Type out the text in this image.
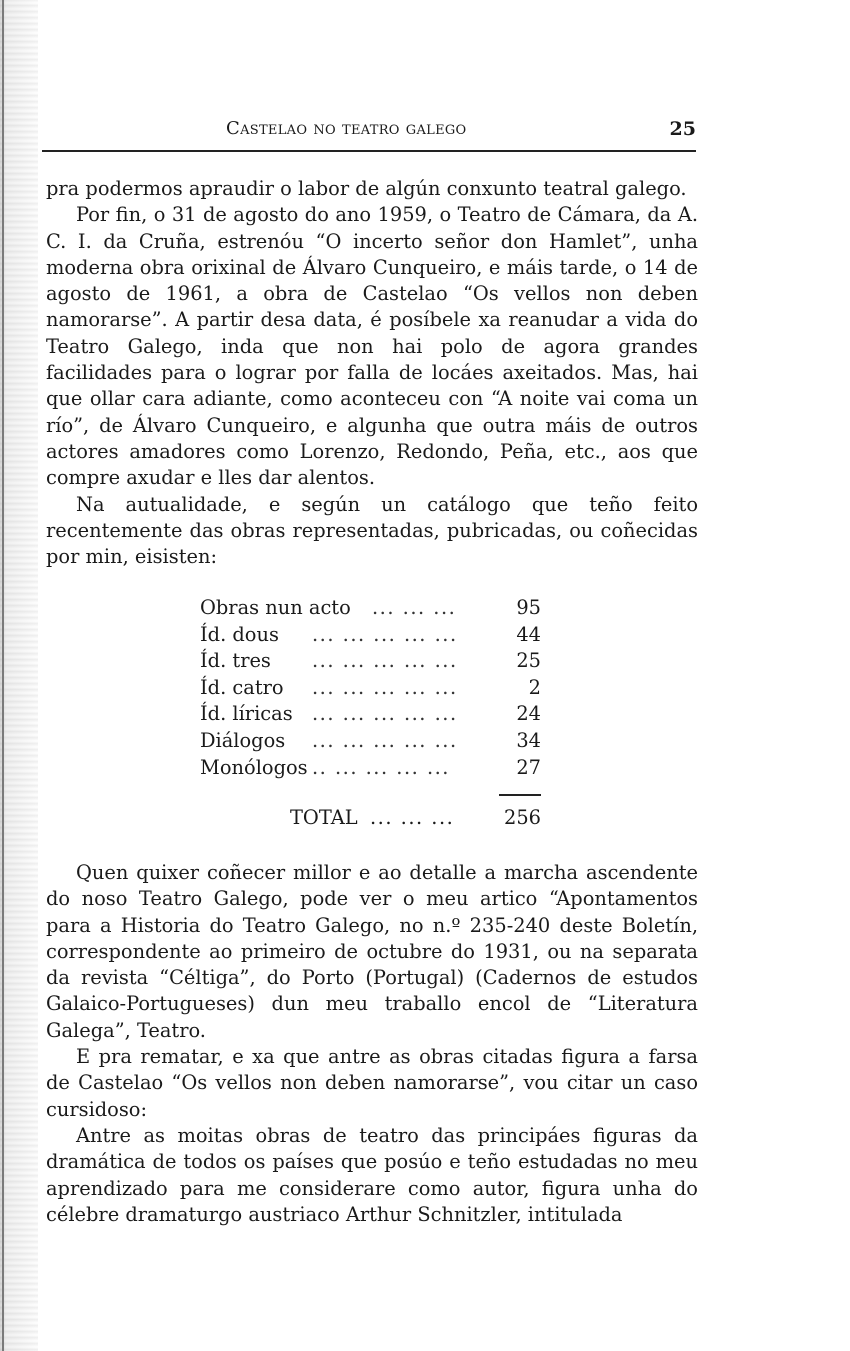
Castelao no teatro galego	25

pra podermos apraudir o labor de algún conxunto teatral galego.

Por fin, o 31 de agosto do ano 1959, o Teatro de Cámara, da A. C. I. da Cruña, estrenóu “O incerto señor don Hamlet”, unha moderna obra orixinal de Álvaro Cunqueiro, e máis tarde, o 14 de agosto de 1961, a obra de Castelao “Os vellos non deben namorarse”. A partir desa data, é posíbele xa reanudar a vida do Teatro Galego, inda que non hai polo de agora grandes facilidades para o lograr por falla de locáes axeitados. Mas, hai que ollar cara adiante, como aconteceu con “A noite vai coma un río”, de Álvaro Cunqueiro, e algunha que outra máis de outros actores amadores como Lorenzo, Redondo, Peña, etc., aos que compre axudar e lles dar alentos.

Na autualidade, e según un catálogo que teño feito recentemente das obras representadas, pubricadas, ou coñecidas por min, eisisten:

Obras nun acto ... ... ...	95
Íd. dous ... ... ... ... ...	44
Íd. tres ... ... ... ... ...	25
Íd. catro ... ... ... ... ...	2
Íd. líricas ... ... ... ... ...	24
Diálogos ... ... ... ... ...	34
Monólogos .. ... ... ... ...	27
TOTAL ... ... ...	256

Quen quixer coñecer millor e ao detalle a marcha ascendente do noso Teatro Galego, pode ver o meu artico “Apontamentos para a Historia do Teatro Galego, no n.º 235-240 deste Boletín, correspondente ao primeiro de octubre do 1931, ou na separata da revista “Céltiga”, do Porto (Portugal) (Cadernos de estudos Galaico-Portugueses) dun meu traballo encol de “Literatura Galega”, Teatro.

E pra rematar, e xa que antre as obras citadas figura a farsa de Castelao “Os vellos non deben namorarse”, vou citar un caso cursidoso:

Antre as moitas obras de teatro das principáes figuras da dramática de todos os países que posúo e teño estudadas no meu aprendizado para me considerare como autor, figura unha do célebre dramaturgo austriaco Arthur Schnitzler, intitulada
